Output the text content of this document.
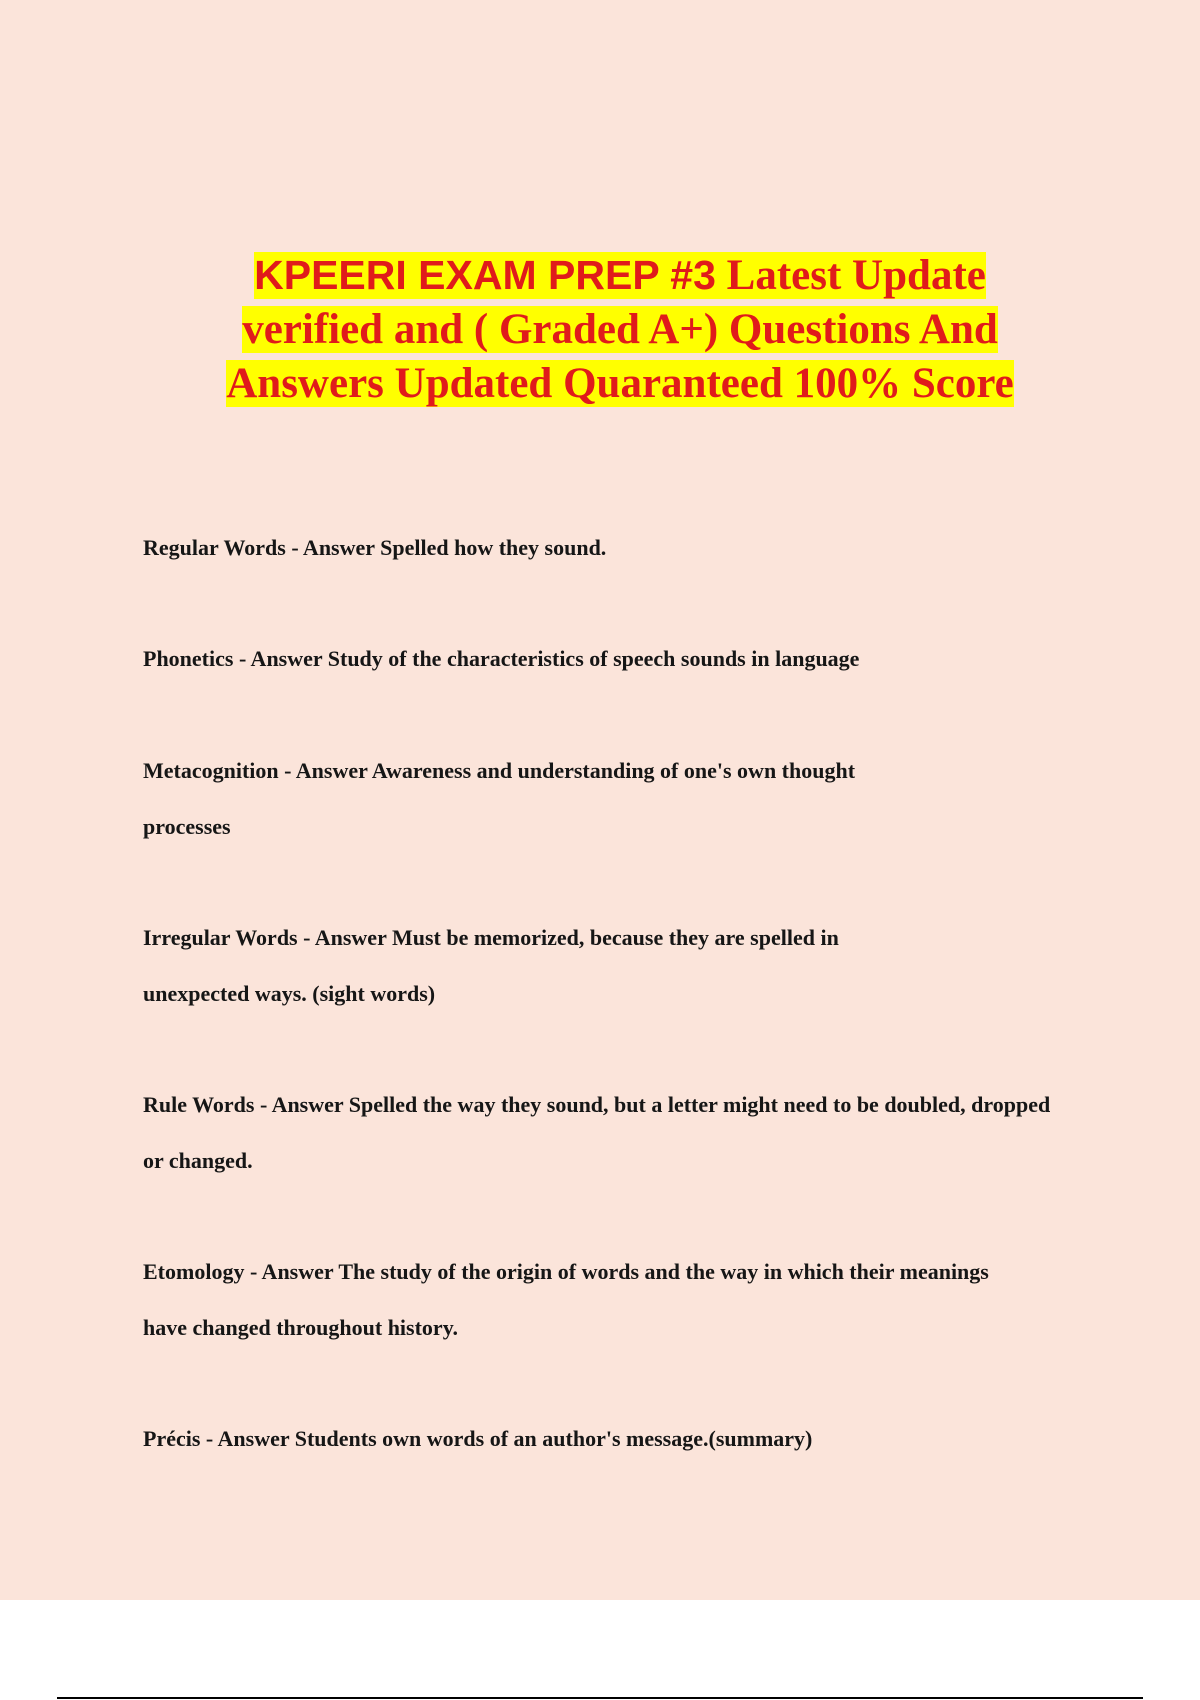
KPEERI EXAM PREP #3 Latest Update
verified and ( Graded A+) Questions And
Answers Updated Quaranteed 100% Score
Regular Words - Answer Spelled how they sound.
Phonetics - Answer Study of the characteristics of speech sounds in language
Metacognition - Answer Awareness and understanding of one's own thought processes
Irregular Words - Answer Must be memorized, because they are spelled in unexpected ways. (sight words)
Rule Words - Answer Spelled the way they sound, but a letter might need to be doubled, dropped or changed.
Etomology - Answer The study of the origin of words and the way in which their meanings have changed throughout history.
Précis - Answer Students own words of an author's message.(summary)
